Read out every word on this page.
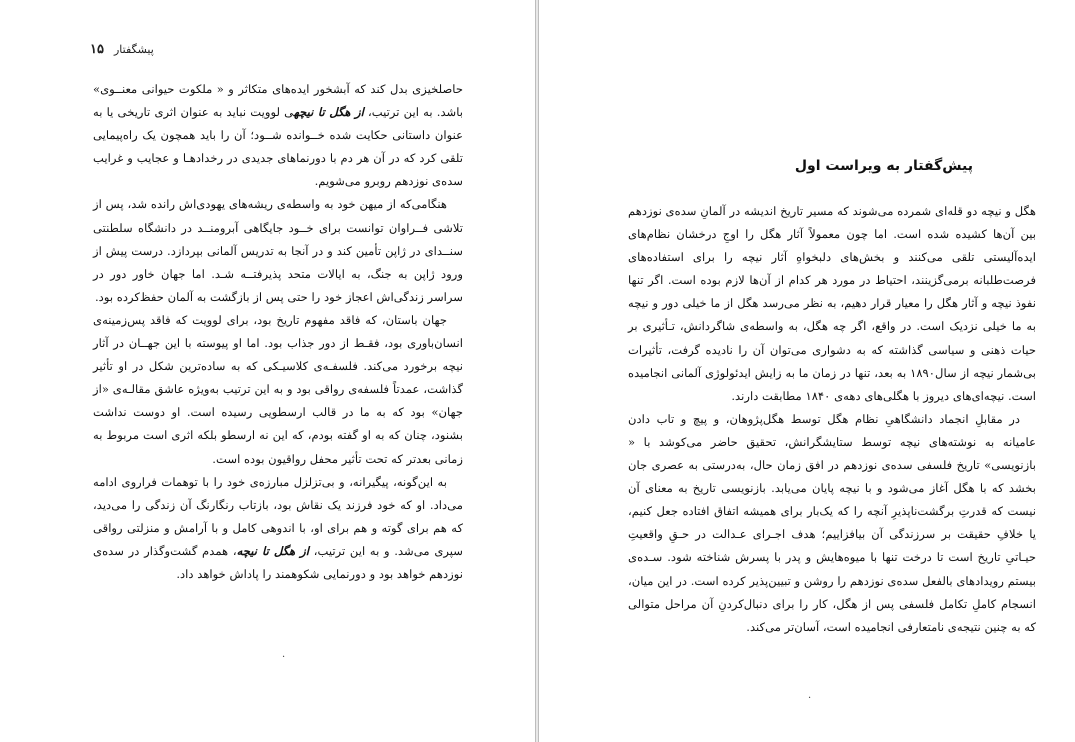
پیشگفتار
۱۵

حاصلخیزی بدل کند که آبشخور ایده‌های متکاثر و « ملکوت حیوانی معنــوی» باشد. به این ترتیب، از هگل تا نیچهی لوویت نباید به عنوان اثری تاریخی یا به عنوان داستانی حکایت شده خــوانده شــود؛ آن را باید همچون یک راه‌پیمایی تلقی کرد که در آن هر دم با دورنماهای جدیدی در رخدادهـا و عجایب و غرایب سده‌ی نوزدهم روبرو می‌شویم.

هنگامی‌که از میهن خود به واسطه‌ی ریشه‌های یهودی‌اش رانده شد، پس از تلاشی فــراوان توانست برای خــود جایگاهی آبرومنــد در دانشگاه سلطنتی سنــدای در ژاپن تأمین کند و در آنجا به تدریس آلمانی بپردازد. درست پیش از ورود ژاپن به جنگ، به ایالات متحد پذیرفتــه شـد. اما جهان خاور دور در سراسر زندگی‌اش اعجاز خود را حتی پس از بازگشت به آلمان حفظ‌کرده بود.

جهان باستان، که فاقد مفهوم تاریخ بود، برای لوویت که فاقد پس‌زمینه‌ی انسان‌باوری بود، فقـط از دور جذاب بود. اما او پیوسته با این جهــان در آثار نیچه برخورد می‌کند. فلسفـه‌ی کلاسیـکی که به ساده‌ترین شکل در او تأثیر گذاشت، عمدتاً فلسفه‌ی رواقی بود و به این ترتیب به‌ویژه عاشق مقالـه‌ی «از جهان» بود که به ما در قالب ارسطویی رسیده است. او دوست نداشت بشنود، چنان که به او گفته بودم، که این نه ارسطو بلکه اثری است مربوط به زمانی بعدتر که تحت تأثیر محفل رواقیون بوده است.

به این‌گونه، پیگیرانه، و بی‌تزلزل مبارزه‌ی خود را با توهمات فراروی ادامه می‌داد. او که خود فرزند یک نقاش بود، بازتاب رنگارنگ آن زندگی را می‌دید، که هم برای گوته و هم برای او، با اندوهی کامل و با آرامش و منزلتی رواقی سپری می‌شد. و به این ترتیب، از هگل تا نیچه، همدم گشت‌وگذار در سده‌ی نوزدهم خواهد بود و دورنمایی شکوهمند را پاداش خواهد داد.

·
پیش‌گفتار به ویراست اول

هگل و نیچه دو قله‌ای شمرده می‌شوند که مسیر تاریخ اندیشه در آلمانِ سده‌ی نوزدهم بین آن‌ها کشیده شده است. اما چون معمولاً آثار هگل را اوجِ درخشان نظام‌های ایده‌آلیستی تلقی می‌کنند و بخش‌های دلبخواهِ آثار نیچه را برای استفاده‌های فرصت‌طلبانه برمی‌گزینند، احتیاط در مورد هر کدام از آن‌ها لازم بوده است. اگر تنها نفوذ نیچه و آثار هگل را معیار قرار دهیم، به نظر می‌رسد هگل از ما خیلی دور و نیچه به ما خیلی نزدیک است. در واقع، اگر چه هگل، به واسطه‌ی شاگردانش، تـأثیری بر حیات ذهنی و سیاسی گذاشته که به دشواری می‌توان آن را نادیده گرفت، تأثیرات بی‌شمار نیچه از سال۱۸۹۰ به بعد، تنها در زمان ما به زایش ایدئولوژی آلمانی انجامیده است. نیچه‌ای‌های دیروز با هگلی‌های دهه‌ی ۱۸۴۰ مطابقت دارند.

در مقابلِ انجماد دانشگاهیِ نظام هگل توسط هگل‌پژوهان، و پیچ و تاب دادن عامیانه به نوشته‌های نیچه توسط ستایشگرانش، تحقیق حاضر می‌کوشد با « بازنویسی» تاریخ فلسفی سده‌ی نوزدهم در افق زمان حال، به‌درستی به عصری جان بخشد که با هگل آغاز می‌شود و با نیچه پایان می‌یابد. بازنویسی تاریخ به معنای آن نیست که قدرتِ برگشت‌ناپذیرِ آنچه را که یک‌بار برای همیشه اتفاق افتاده جعل کنیم، یا خلافِ حقیقت بر سرزندگی آن بیافزاییم؛ هدف اجـرای عـدالت در حـقِ واقعیتِ حیـاتیِ تاریخ است تا درخت تنها با میوه‌هایش و پدر با پسرش شناخته شود. سـده‌ی بیستم رویدادهای بالفعل سده‌ی نوزدهم را روشن و تبیین‌پذیر کرده است. در این میان، انسجام کاملِ تکامل فلسفی پس از هگل، کار را برای دنبال‌کردنِ آن مراحل متوالی که به چنین نتیجه‌ی نامتعارفی انجامیده است، آسان‌تر می‌کند.

·
